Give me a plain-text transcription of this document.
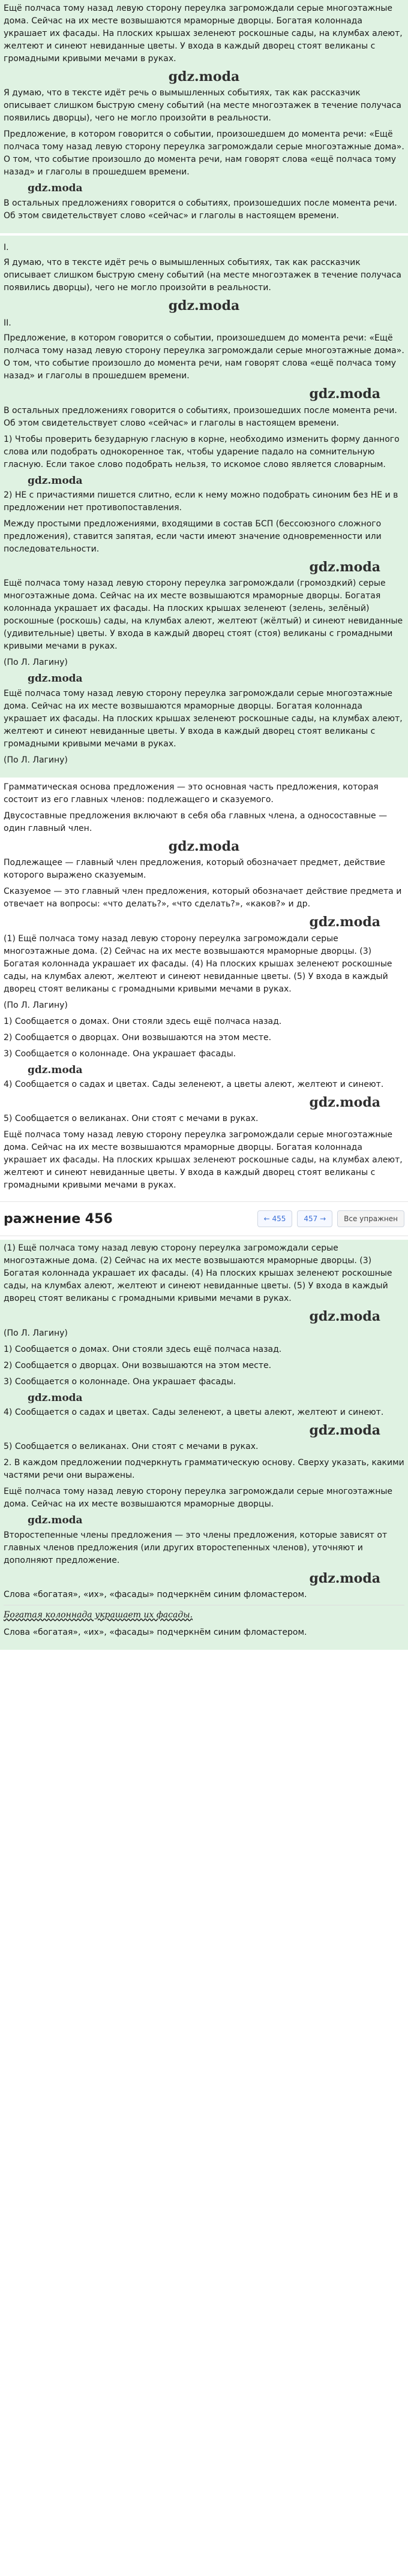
Ещё полчаса тому назад левую сторону переулка загромождали серые многоэтажные дома. Сейчас на их месте возвышаются мраморные дворцы. Богатая колоннада украшает их фасады. На плоских крышах зеленеют роскошные сады, на клумбах алеют, желтеют и синеют невиданные цветы. У входа в каждый дворец стоят великаны с громадными кривыми мечами в руках.

gdz.moda

Я думаю, что в тексте идёт речь о вымышленных событиях, так как рассказчик описывает слишком быструю смену событий (на месте многоэтажек в течение получаса появились дворцы), чего не могло произойти в реальности.

Предложение, в котором говорится о событии, произошедшем до момента речи: «Ещё полчаса тому назад левую сторону переулка загромождали серые многоэтажные дома». О том, что событие произошло до момента речи, нам говорят слова «ещё полчаса тому назад» и глаголы в прошедшем времени.

gdz.moda

В остальных предложениях говорится о событиях, произошедших после момента речи. Об этом свидетельствует слово «сейчас» и глаголы в настоящем времени.

I.

Я думаю, что в тексте идёт речь о вымышленных событиях, так как рассказчик описывает слишком быструю смену событий (на месте многоэтажек в течение получаса появились дворцы), чего не могло произойти в реальности.

gdz.moda
II.

Предложение, в котором говорится о событии, произошедшем до момента речи: «Ещё полчаса тому назад левую сторону переулка загромождали серые многоэтажные дома». О том, что событие произошло до момента речи, нам говорят слова «ещё полчаса тому назад» и глаголы в прошедшем времени.

gdz.moda

В остальных предложениях говорится о событиях, произошедших после момента речи. Об этом свидетельствует слово «сейчас» и глаголы в настоящем времени.

1) Чтобы проверить безударную гласную в корне, необходимо изменить форму данного слова или подобрать однокоренное так, чтобы ударение падало на сомнительную гласную. Если такое слово подобрать нельзя, то искомое слово является словарным.

gdz.moda

2) НЕ с причастиями пишется слитно, если к нему можно подобрать синоним без НЕ и в предложении нет противопоставления.

Между простыми предложениями, входящими в состав БСП (бессоюзного сложного предложения), ставится запятая, если части имеют значение одновременности или последовательности.

gdz.moda

Ещё полчаса тому назад левую сторону переулка загромождали (громоздкий) серые многоэтажные дома. Сейчас на их месте возвышаются мраморные дворцы. Богатая колоннада украшает их фасады. На плоских крышах зеленеют (зелень, зелёный) роскошные (роскошь) сады, на клумбах алеют, желтеют (жёлтый) и синеют невиданные (удивительные) цветы. У входа в каждый дворец стоят (стоя) великаны с громадными кривыми мечами в руках.

(По Л. Лагину)

gdz.moda

Ещё полчаса тому назад левую сторону переулка загромождали серые многоэтажные дома. Сейчас на их месте возвышаются мраморные дворцы. Богатая колоннада украшает их фасады. На плоских крышах зеленеют роскошные сады, на клумбах алеют, желтеют и синеют невиданные цветы. У входа в каждый дворец стоят великаны с громадными кривыми мечами в руках.

(По Л. Лагину)

Грамматическая основа предложения — это основная часть предложения, которая состоит из его главных членов: подлежащего и сказуемого.

Двусоставные предложения включают в себя оба главных члена, а односоставные — один главный член.

gdz.moda

Подлежащее — главный член предложения, который обозначает предмет, действие которого выражено сказуемым.

Сказуемое — это главный член предложения, который обозначает действие предмета и отвечает на вопросы: «что делать?», «что сделать?», «каков?» и др.

gdz.moda

(1) Ещё полчаса тому назад левую сторону переулка загромождали серые многоэтажные дома. (2) Сейчас на их месте возвышаются мраморные дворцы. (3) Богатая колоннада украшает их фасады. (4) На плоских крышах зеленеют роскошные сады, на клумбах алеют, желтеют и синеют невиданные цветы. (5) У входа в каждый дворец стоят великаны с громадными кривыми мечами в руках.

(По Л. Лагину)

1) Сообщается о домах. Они стояли здесь ещё полчаса назад.

2) Сообщается о дворцах. Они возвышаются на этом месте.

3) Сообщается о колоннаде. Она украшает фасады.

gdz.moda

4) Сообщается о садах и цветах. Сады зеленеют, а цветы алеют, желтеют и синеют.

gdz.moda

5) Сообщается о великанах. Они стоят с мечами в руках.

Ещё полчаса тому назад левую сторону переулка загромождали серые многоэтажные дома. Сейчас на их месте возвышаются мраморные дворцы. Богатая колоннада украшает их фасады. На плоских крышах зеленеют роскошные сады, на клумбах алеют, желтеют и синеют невиданные цветы. У входа в каждый дворец стоят великаны с громадными кривыми мечами в руках.

ражнение 456	← 455	457 →	Все упражнен

(1) Ещё полчаса тому назад левую сторону переулка загромождали серые многоэтажные дома. (2) Сейчас на их месте возвышаются мраморные дворцы. (3) Богатая колоннада украшает их фасады. (4) На плоских крышах зеленеют роскошные сады, на клумбах алеют, желтеют и синеют невиданные цветы. (5) У входа в каждый дворец стоят великаны с громадными кривыми мечами в руках.

gdz.moda

(По Л. Лагину)

1) Сообщается о домах. Они стояли здесь ещё полчаса назад.

2) Сообщается о дворцах. Они возвышаются на этом месте.

3) Сообщается о колоннаде. Она украшает фасады.

gdz.moda

4) Сообщается о садах и цветах. Сады зеленеют, а цветы алеют, желтеют и синеют.

gdz.moda

5) Сообщается о великанах. Они стоят с мечами в руках.

2. В каждом предложении подчеркнуть грамматическую основу. Сверху указать, какими частями речи они выражены.

Ещё полчаса тому назад левую сторону переулка загромождали серые многоэтажные дома. Сейчас на их месте возвышаются мраморные дворцы.

gdz.moda

Второстепенные члены предложения — это члены предложения, которые зависят от главных членов предложения (или других второстепенных членов), уточняют и дополняют предложение.

gdz.moda

Слова «богатая», «их», «фасады» подчеркнём синим фломастером.

Богатая колоннада украшает их фасады.

Слова «богатая», «их», «фасады» подчеркнём синим фломастером.
